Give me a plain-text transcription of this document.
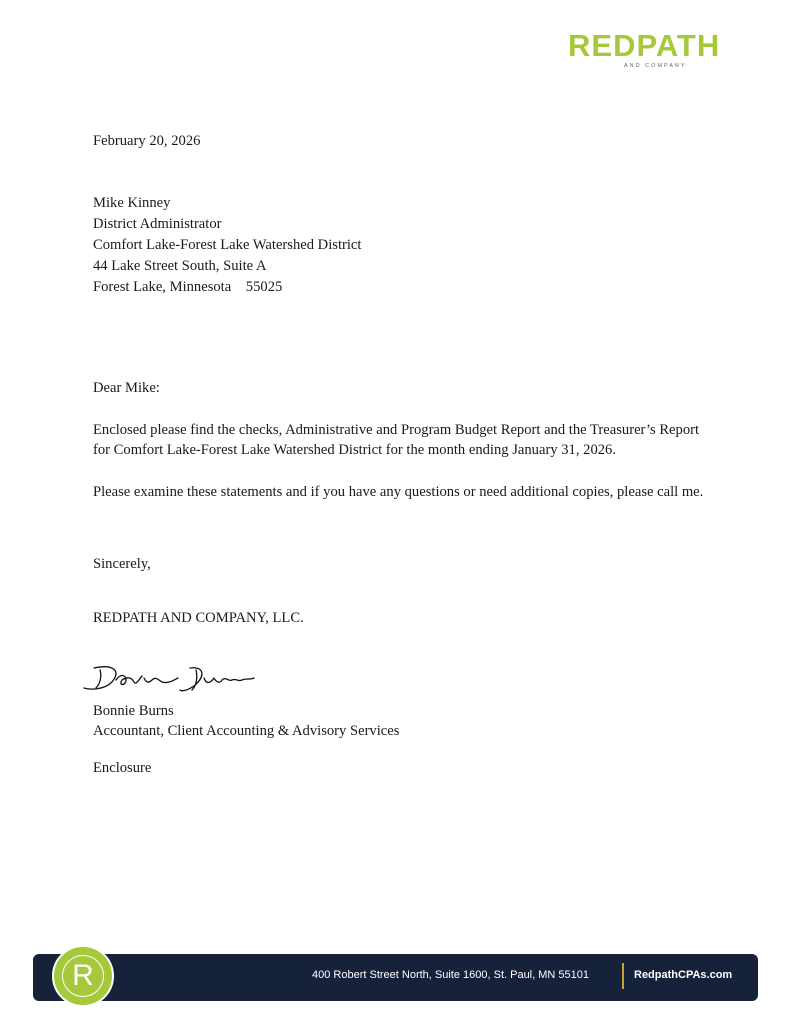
REDPATH
AND COMPANY
February 20, 2026
Mike Kinney
District Administrator
Comfort Lake-Forest Lake Watershed District
44 Lake Street South, Suite A
Forest Lake, Minnesota    55025
Dear Mike:
Enclosed please find the checks, Administrative and Program Budget Report and the Treasurer’s Report for Comfort Lake-Forest Lake Watershed District for the month ending January 31, 2026.
Please examine these statements and if you have any questions or need additional copies, please call me.
Sincerely,
REDPATH AND COMPANY, LLC.
Bonnie Burns
Accountant, Client Accounting & Advisory Services
Enclosure
R	400 Robert Street North, Suite 1600, St. Paul, MN 55101	RedpathCPAs.com
